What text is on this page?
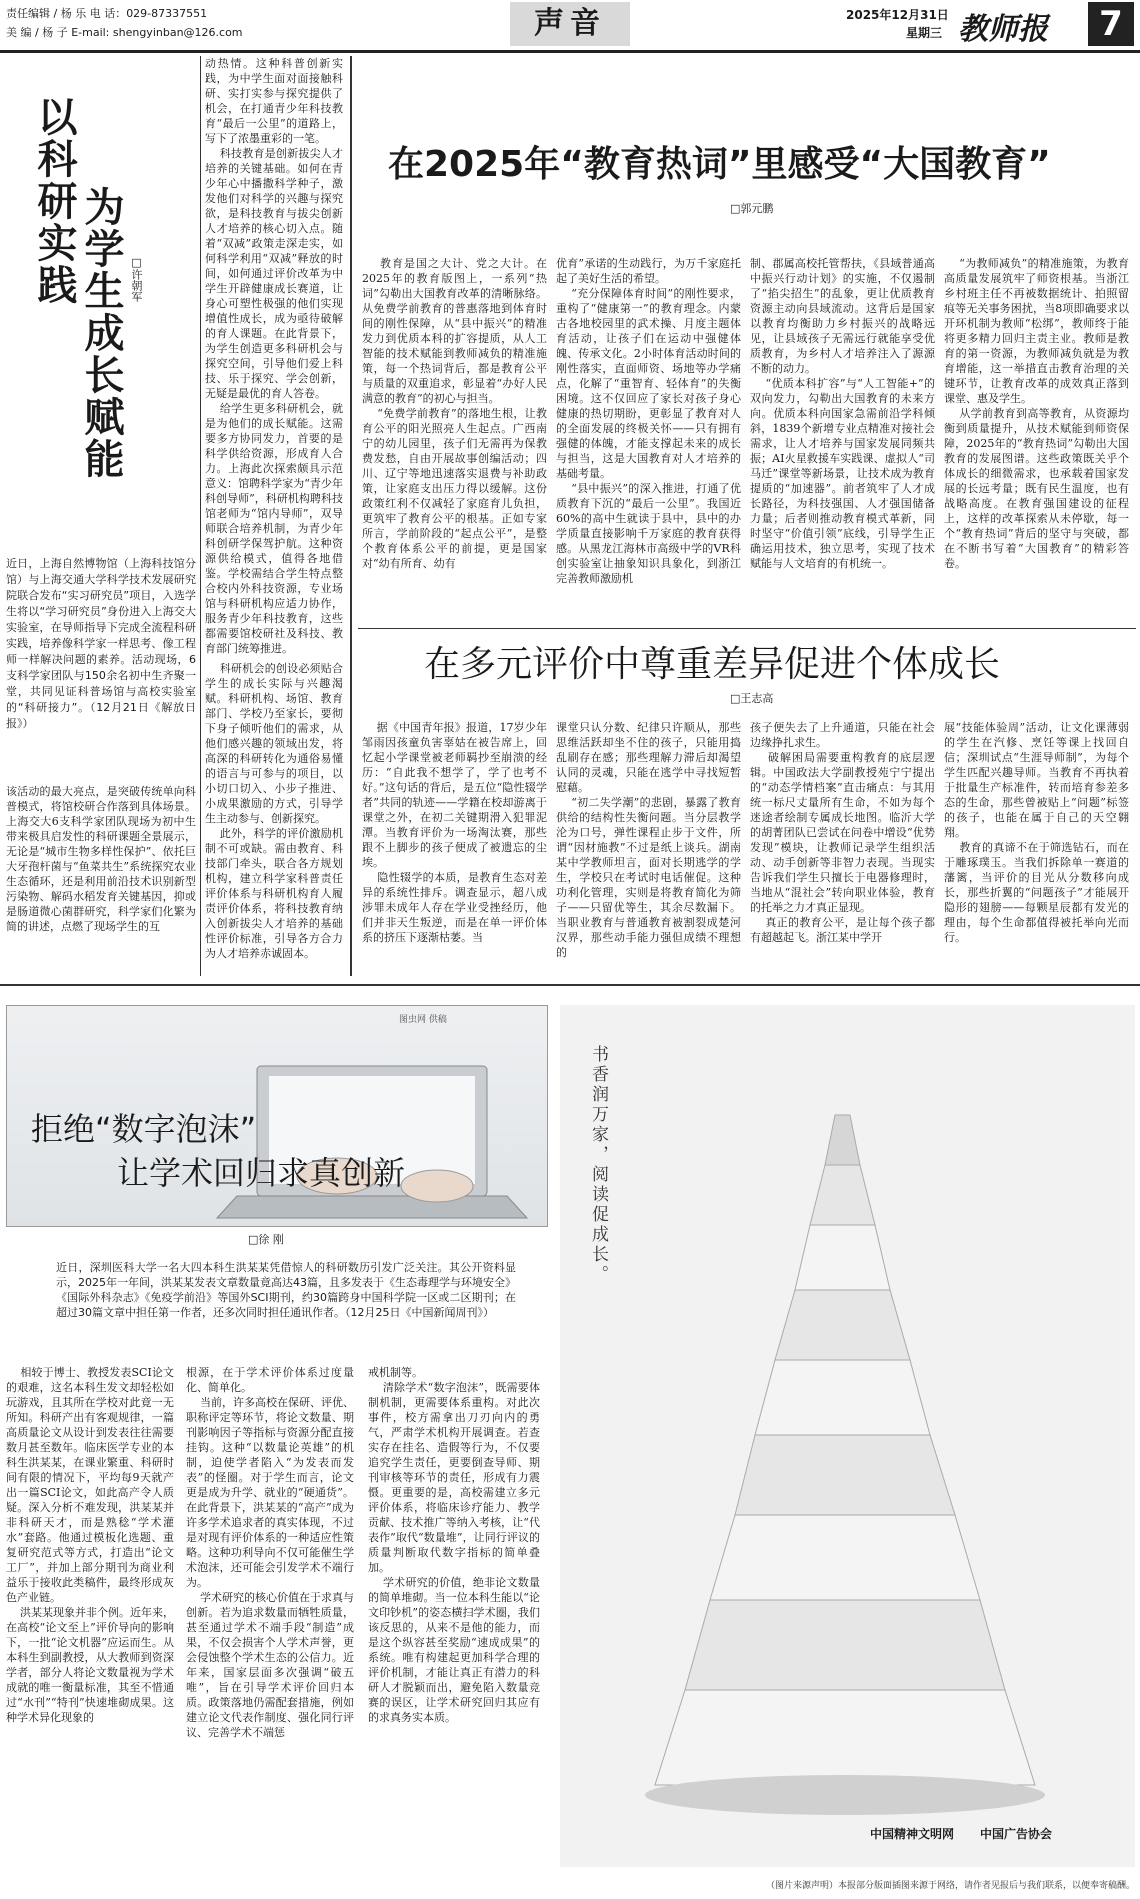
责任编辑 / 杨 乐 电 话：029-87337551
美 编 / 杨 子 E-mail: shengyinban@126.com	声音	2025年12月31日
星期三 教师报	7
以科研实践 为学生成长赋能 □许朝军
近日，上海自然博物馆（上海科技馆分馆）与上海交通大学科学技术发展研究院联合发布“实习研究员”项目，入选学生将以“学习研究员”身份进入上海交大实验室，在导师指导下完成全流程科研实践，培养像科学家一样思考、像工程师一样解决问题的素养。活动现场，6支科学家团队与150余名初中生齐聚一堂，共同见证科普场馆与高校实验室的“科研接力”。（12月21日《解放日报》）
该活动的最大亮点，是突破传统单向科普模式，将馆校研合作落到具体场景。上海交大6支科学家团队现场为初中生带来极具启发性的科研课题全景展示，无论是“城市生物多样性保护”、依托巨大牙孢杆菌与“鱼菜共生”系统探究农业生态循环，还是利用前沿技术识别新型污染物、解码水稻发育关键基因，抑或是肠道微心菌群研究，科学家们化繁为简的讲述，点燃了现场学生的互
动热情。这种科普创新实践，为中学生面对面接触科研、实打实参与探究提供了机会，在打通青少年科技教育“最后一公里”的道路上，写下了浓墨重彩的一笔。
科技教育是创新拔尖人才培养的关键基础。如何在青少年心中播撒科学种子，激发他们对科学的兴趣与探究欲，是科技教育与拔尖创新人才培养的核心切入点。随着“双减”政策走深走实，如何科学利用“双减”释放的时间，如何通过评价改革为中学生开辟健康成长赛道，让身心可塑性极强的他们实现增值性成长，成为亟待破解的育人课题。在此背景下，为学生创造更多科研机会与探究空间，引导他们爱上科技、乐于探究、学会创新，无疑是最优的育人答卷。
给学生更多科研机会，就是为他们的成长赋能。这需要多方协同发力，首要的是科学供给资源，形成育人合力。上海此次探索颇具示范意义：馆聘科学家为“青少年科创导师”，科研机构聘科技馆老师为“馆内导师”，双导师联合培养机制，为青少年科创研学保驾护航。这种资源供给模式，值得各地借鉴。学校需结合学生特点整合校内外科技资源，专业场馆与科研机构应适力协作，服务青少年科技教育，这些都需要馆校研社及科技、教育部门统筹推进。
科研机会的创设必须贴合学生的成长实际与兴趣渴赋。科研机构、场馆、教育部门、学校乃至家长，要彻下身子倾听他们的需求，从他们感兴趣的领域出发，将高深的科研转化为通俗易懂的语言与可参与的项目，以小切口切入、小步子推进、小成果激励的方式，引导学生主动参与、创新探究。
此外，科学的评价激励机制不可或缺。需由教育、科技部门牵头，联合各方规划机构，建立科学家科普责任评价体系与科研机构育人履责评价体系，将科技教育纳入创新拔尖人才培养的基础性评价标准，引导各方合力为人才培养赤诚固本。
在2025年“教育热词”里感受“大国教育”
□郭元鹏
教育是国之大计、党之大计。在2025年的教育版图上，一系列“热词”勾勒出大国教育改革的清晰脉络。从免费学前教育的普惠落地到体育时间的刚性保障，从“县中振兴”的精准发力到优质本科的扩容提质，从人工智能的技术赋能到教师减负的精准施策，每一个热词背后，都是教育公平与质量的双重追求，彰显着“办好人民满意的教育”的初心与担当。
“免费学前教育”的落地生根，让教育公平的阳光照亮人生起点。广西南宁的幼儿园里，孩子们无需再为保教费发愁，自由开展故事创编活动；四川、辽宁等地迅速落实退费与补助政策，让家庭支出压力得以缓解。这份政策红利不仅减轻了家庭育儿负担，更筑牢了教育公平的根基。正如专家所言，学前阶段的“起点公平”，是整个教育体系公平的前提，更是国家对“幼有所育、幼有
优育”承诺的生动践行，为万千家庭托起了美好生活的希望。
“充分保障体育时间”的刚性要求，重构了“健康第一”的教育理念。内蒙古各地校园里的武术操、月度主题体育活动，让孩子们在运动中强健体魄、传承文化。2小时体育活动时间的刚性落实，直面师资、场地等办学痛点，化解了“重智育、轻体育”的失衡困境。这不仅回应了家长对孩子身心健康的热切期盼，更彰显了教育对人的全面发展的终极关怀——只有拥有强健的体魄，才能支撑起未来的成长与担当，这是大国教育对人才培养的基础考量。
“县中振兴”的深入推进，打通了优质教育下沉的“最后一公里”。我国近60%的高中生就读于县中，县中的办学质量直接影响千万家庭的教育获得感。从黑龙江海林市高级中学的VR科创实验室让抽象知识具象化，到浙江完善教师激励机
制、郡属高校托管帮扶，《县域普通高中振兴行动计划》的实施，不仅遏制了“掐尖招生”的乱象，更让优质教育资源主动向县域流动。这背后是国家以教育均衡助力乡村振兴的战略远见，让县域孩子无需远行就能享受优质教育，为乡村人才培养注入了源源不断的动力。
“优质本科扩容”与“人工智能+”的双向发力，勾勒出大国教育的未来方向。优质本科向国家急需前沿学科倾斜，1839个新增专业点精准对接社会需求，让人才培养与国家发展同频共振；AI火星救援车实践课、虚拟人“司马迁”课堂等新场景，让技术成为教育提质的“加速器”。前者筑牢了人才成长路径，为科技强国、人才强国储备力量；后者则推动教育模式革新，同时坚守“价值引领”底线，引导学生正确运用技术，独立思考，实现了技术赋能与人文培育的有机统一。
“为教师减负”的精准施策，为教育高质量发展筑牢了师资根基。当浙江乡村班主任不再被数据统计、拍照留痕等无关事务困扰，当8项即确要求以开环机制为教师“松绑”，教师终于能将更多精力回归主责主业。教师是教育的第一资源，为教师减负就是为教育增能，这一举措直击教育治理的关键环节，让教育改革的成效真正落到课堂、惠及学生。
从学前教育到高等教育，从资源均衡到质量提升，从技术赋能到师资保障，2025年的“教育热词”勾勒出大国教育的发展图谱。这些政策既关乎个体成长的细微需求，也承载着国家发展的长远考量；既有民生温度，也有战略高度。在教育强国建设的征程上，这样的改革探索从未停歇，每一个“教育热词”背后的坚守与突破，都在不断书写着“大国教育”的精彩答卷。
在多元评价中尊重差异促进个体成长
□王志高
据《中国青年报》报道，17岁少年邹雨因孩童负害辜姑在被告席上，回忆起小学课堂被老师羁抄至崩溃的经历：“自此我不想学了，学了也考不好。”这句话的背后，是五位“隐性辍学者”共同的轨迹——学籍在校却游离于课堂之外，在初二关键期滑入犯罪泥潭。当教育评价为一场淘汰赛，那些跟不上脚步的孩子便成了被遗忘的尘埃。
隐性辍学的本质，是教育生态对差异的系统性排斥。调查显示，超八成涉罪未成年人存在学业受挫经历，他们并非天生叛逆，而是在单一评价体系的挤压下逐渐枯萎。当
课堂只认分数、纪律只许顺从，那些思维活跃却坐不住的孩子，只能用捣乱刷存在感；那些理解力滞后却渴望认同的灵魂，只能在逃学中寻找短暂慰藉。
“初二失学潮”的悲剧，暴露了教育供给的结构性失衡问题。当分层教学沦为口号，弹性课程止步于文件，所谓“因材施教”不过是纸上谈兵。湖南某中学教师坦言，面对长期逃学的学生，学校只在考试时电话催促。这种功利化管理，实则是将教育简化为筛子——只留优等生，其余尽数漏下。当职业教育与普通教育被割裂成楚河汉界，那些动手能力强但成绩不理想的
孩子便失去了上升通道，只能在社会边缘挣扎求生。
破解困局需要重构教育的底层逻辑。中国政法大学副教授苑宁宁提出的“动态学情档案”直击痛点：与其用统一标尺丈量所有生命，不如为每个迷途者绘制专属成长地图。临沂大学的胡菁团队已尝试在问卷中增设“优势发现”模块，让教师记录学生组织活动、动手创新等非智力表现。当现实告诉我们学生只擅长于电器修理时，当地从“混社会”转向职业体验，教育的托举之力才真正显现。
真正的教育公平，是让每个孩子都有超越起飞。浙江某中学开
展“技能体验周”活动，让文化课薄弱的学生在汽修、烹饪等课上找回自信；深圳试点“生涯导师制”，为每个学生匹配兴趣导师。当教育不再执着于批量生产标准件，转而培育参差多态的生命，那些曾被贴上“问题”标签的孩子，也能在属于自己的天空翱翔。
教育的真谛不在于筛选钻石，而在于雕琢璞玉。当我们拆除单一赛道的藩篱，当评价的目光从分数移向成长，那些折翼的“问题孩子”才能展开隐形的翅膀——每颗星辰都有发光的理由，每个生命都值得被托举向光而行。
图虫网 供稿
拒绝“数字泡沫”
让学术回归求真创新
□徐 刚
近日，深圳医科大学一名大四本科生洪某某凭借惊人的科研数历引发广泛关注。其公开资料显示，2025年一年间，洪某某发表文章数量竟高达43篇，且多发表于《生态毒理学与环境安全》《国际外科杂志》《免疫学前沿》等国外SCI期刊，约30篇跨身中国科学院一区或二区期刊；在超过30篇文章中担任第一作者，还多次同时担任通讯作者。（12月25日《中国新闻周刊》）
相较于博士、教授发表SCI论文的艰难，这名本科生发文却轻松如玩游戏，且其所在学校对此竟一无所知。科研产出有客观规律，一篇高质量论文从设计到发表往往需要数月甚至数年。临床医学专业的本科生洪某某，在课业繁重、科研时间有限的情况下，平均每9天就产出一篇SCI论文，如此高产令人质疑。深入分析不难发现，洪某某并非科研天才，而是熟稔“学术灌水”套路。他通过模板化选题、重复研究范式等方式，打造出“论文工厂”，并加上部分期刊为商业利益乐于接收此类稿件，最终形成灰色产业链。
洪某某现象并非个例。近年来，在高校“论文至上”评价导向的影响下，一批“论文机器”应运而生。从本科生到副教授，从大教师到资深学者，部分人将论文数量视为学术成就的唯一衡量标准，其至不惜通过“水刊”“特刊”快速堆砌成果。这种学术异化现象的
根源，在于学术评价体系过度量化、简单化。
当前，许多高校在保研、评优、职称评定等环节，将论文数量、期刊影响因子等指标与资源分配直接挂钩。这种“以数量论英雄”的机制，迫使学者陷入“为发表而发表”的怪圈。对于学生而言，论文更是成为升学、就业的“硬通货”。在此背景下，洪某某的“高产”成为许多学术追求者的真实体现，不过是对现有评价体系的一种适应性策略。这种功利导向不仅可能催生学术泡沫，还可能会引发学术不端行为。
学术研究的核心价值在于求真与创新。若为追求数量而牺牲质量，甚至通过学术不端手段“制造”成果，不仅会损害个人学术声誉，更会侵蚀整个学术生态的公信力。近年来，国家层面多次强调“破五唯”，旨在引导学术评价回归本质。政策落地仍需配套措施，例如建立论文代表作制度、强化同行评议、完善学术不端惩
戒机制等。
清除学术“数字泡沫”，既需要体制机制，更需要体系重构。对此次事件，校方需拿出刀刃向内的勇气，严肃学术机构开展调查。若查实存在挂名、造假等行为，不仅要追究学生责任，更要倒查导师、期刊审核等环节的责任，形成有力震慑。更重要的是，高校需建立多元评价体系，将临床诊疗能力、教学贡献、技术推广等纳入考核，让“代表作”取代“数量堆”，让同行评议的质量判断取代数字指标的简单叠加。
学术研究的价值，绝非论文数量的简单堆砌。当一位本科生能以“论文印钞机”的姿态横扫学术圈，我们该反思的，从来不是他的能力，而是这个纵容甚至奖励“速成成果”的系统。唯有构建起更加科学合理的评价机制，才能让真正有潜力的科研人才脱颖而出，避免陷入数量竞赛的误区，让学术研究回归其应有的求真务实本质。
书香润万家，阅读促成长。
中国精神文明网 中国广告协会
（图片来源声明）本报部分版面插图来源于网络，请作者见报后与我们联系，以便奉寄稿酬。
